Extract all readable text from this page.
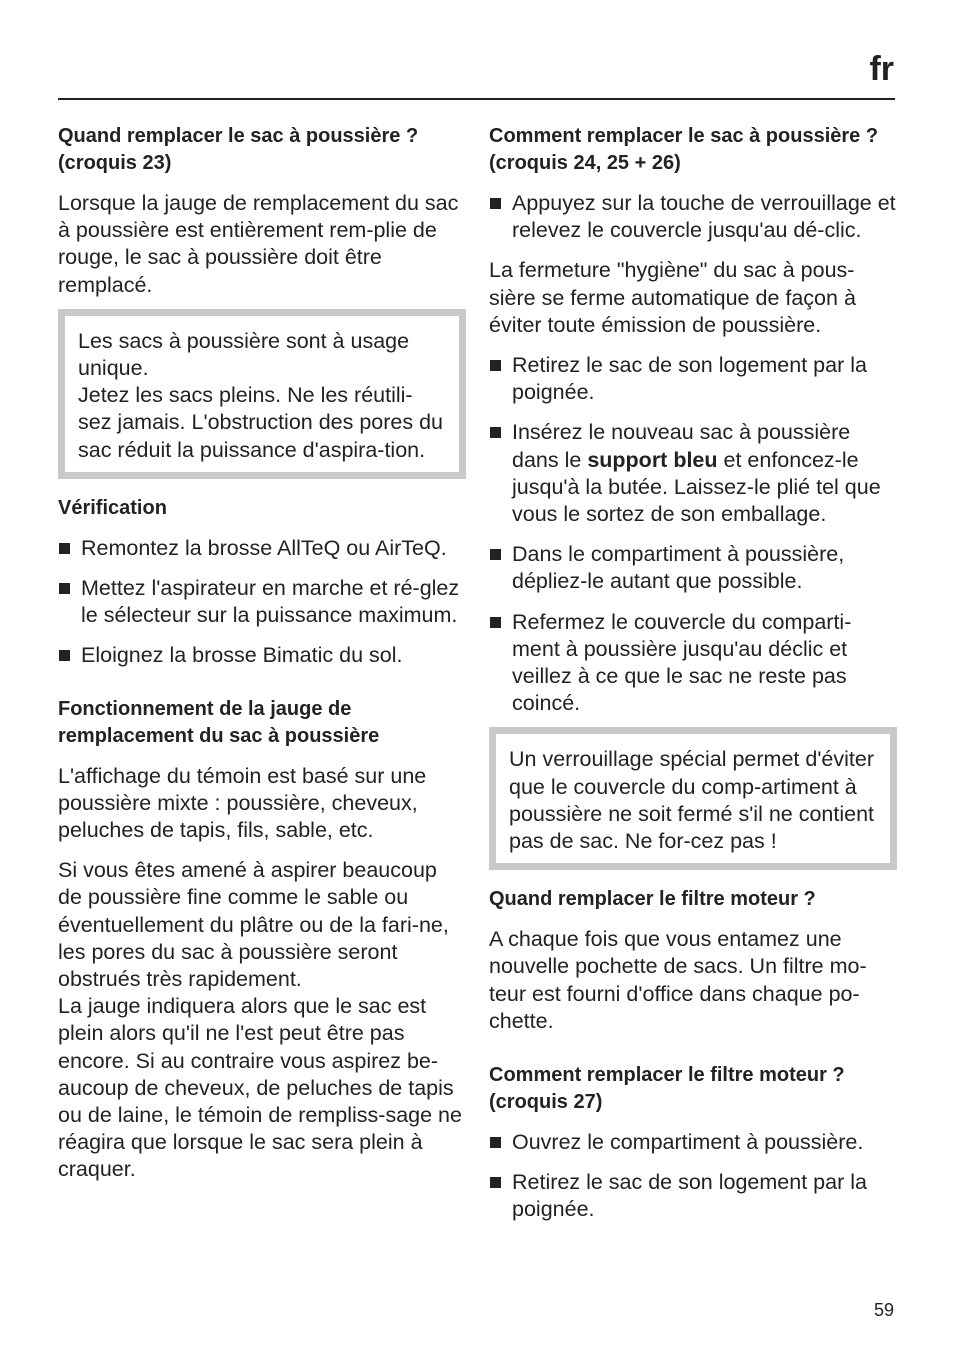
fr
Quand remplacer le sac à poussière ? (croquis 23)

Lorsque la jauge de remplacement du sac à poussière est entièrement rem-plie de rouge, le sac à poussière doit être remplacé.

Les sacs à poussière sont à usage unique.

Jetez les sacs pleins. Ne les réutili-sez jamais. L'obstruction des pores du sac réduit la puissance d'aspira-tion.

Vérification
Remontez la brosse AllTeQ ou AirTeQ.
Mettez l'aspirateur en marche et ré-glez le sélecteur sur la puissance maximum.
Eloignez la brosse Bimatic du sol.
Fonctionnement de la jauge de remplacement du sac à poussière

L'affichage du témoin est basé sur une poussière mixte : poussière, cheveux, peluches de tapis, fils, sable, etc.

Si vous êtes amené à aspirer beaucoup de poussière fine comme le sable ou éventuellement du plâtre ou de la fari-ne, les pores du sac à poussière seront obstrués très rapidement.

La jauge indiquera alors que le sac est plein alors qu'il ne l'est peut être pas encore. Si au contraire vous aspirez be-aucoup de cheveux, de peluches de tapis ou de laine, le témoin de rempliss-sage ne réagira que lorsque le sac sera plein à craquer.

Comment remplacer le sac à poussière ? (croquis 24, 25 + 26)
Appuyez sur la touche de verrouillage et relevez le couvercle jusqu'au dé-clic.

La fermeture "hygiène" du sac à pous-sière se ferme automatique de façon à éviter toute émission de poussière.

Retirez le sac de son logement par la poignée.
Insérez le nouveau sac à poussière dans le support bleu et enfoncez-le jusqu'à la butée. Laissez-le plié tel que vous le sortez de son emballage.
Dans le compartiment à poussière, dépliez-le autant que possible.
Refermez le couvercle du comparti-ment à poussière jusqu'au déclic et veillez à ce que le sac ne reste pas coincé.

Un verrouillage spécial permet d'éviter que le couvercle du comp-artiment à poussière ne soit fermé s'il ne contient pas de sac. Ne for-cez pas !

Quand remplacer le filtre moteur ?

A chaque fois que vous entamez une nouvelle pochette de sacs. Un filtre mo-teur est fourni d'office dans chaque po-chette.

Comment remplacer le filtre moteur ? (croquis 27)
Ouvrez le compartiment à poussière.
Retirez le sac de son logement par la poignée.
59
